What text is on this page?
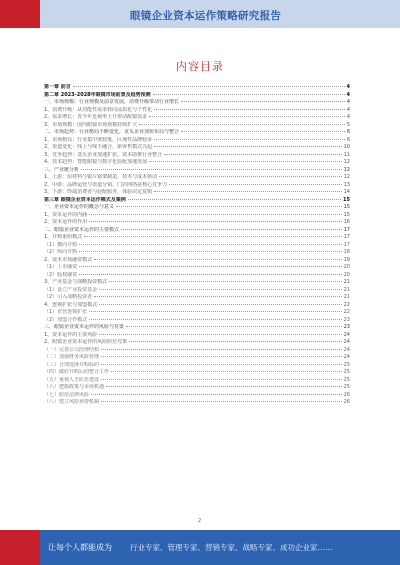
眼镜企业资本运作策略研究报告
内容目录
第一章 前言	4
第二章 2023-2028年眼镜市场前景及趋势预测	4
一、市场规模：行业规模及前景发展，消费升级带动行业增长	4
1、消费升级：从功能性需求转向品质化与个性化	4
2、需求增长：青少年近视率上升带动配镜需求	4
3、市场规模：国内眼镜市场规模持续扩大	5
二、市场趋势：行业格局不断变化，龙头企业加快布局与整合	6
1、市场格局：行业集中度较低，区域性品牌较多	6
2、渠道变化：线上与线下融合，新零售模式兴起	10
3、竞争趋势：龙头企业加速扩张，资本助推行业整合	11
4、技术趋势：智能眼镜与数字化验配加速发展	12
三、产业链分析	12
1、上游：原材料与镜片镜架制造，技术与成本驱动	12
2、中游：品牌运营与渠道分销，门店网络是核心竞争力	13
3、下游：终端消费者与验配服务，体验决定复购	14
第三章 眼镜企业资本运作模式及案例	15
一、企业资本运作的概念与意义	15
1、资本运作的内涵	15
2、资本运作的作用	16
二、眼镜企业资本运作的主要模式	17
1、并购重组模式	17
（1）横向并购	17
（2）纵向并购	18
2、资本市场融资模式	19
（1）上市融资	20
（2）股权融资	20
3、产业基金与战略投资模式	21
（1）设立产业投资基金	21
（2）引入战略投资者	21
4、连锁扩张与加盟模式	22
（1）直营连锁扩张	22
（2）加盟合作模式	23
三、眼镜企业资本运作的风险与对策	23
1、资本运作的主要风险	24
2、眼镜企业资本运作的风险防范对策	24
（一）完善公司治理结构	24
（二）加强财务风险管理	24
（三）合理选择并购标的	25
（四）做好并购后的整合工作	25
（五）重视人才队伍建设	25
（六）把握政策与市场机遇	25
（七）防范法律风险	26
（八）建立风险预警机制	26
2
让每个人都能成为 行业专家、管理专家、营销专家、战略专家、成功企业家……
